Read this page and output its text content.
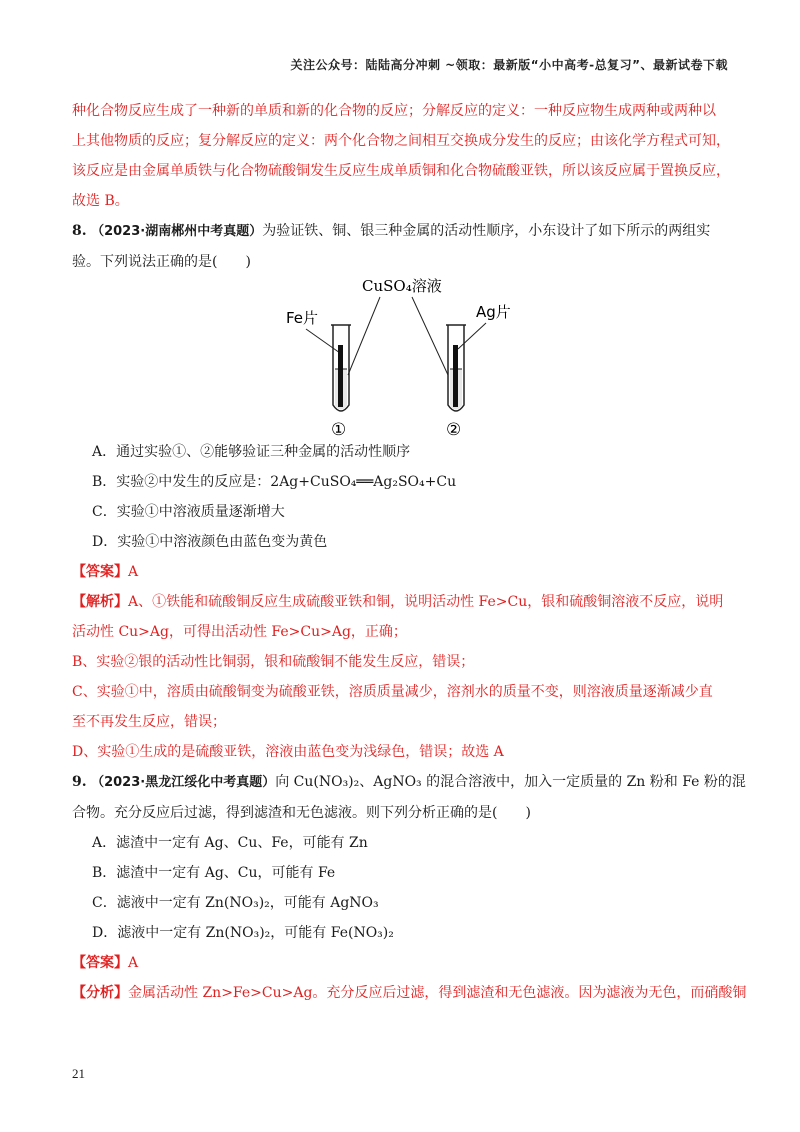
关注公众号：陆陆高分冲刺 ~领取：最新版“小中高考-总复习”、最新试卷下载
种化合物反应生成了一种新的单质和新的化合物的反应；分解反应的定义：一种反应物生成两种或两种以
上其他物质的反应；复分解反应的定义：两个化合物之间相互交换成分发生的反应；由该化学方程式可知，
该反应是由金属单质铁与化合物硫酸铜发生反应生成单质铜和化合物硫酸亚铁，所以该反应属于置换反应，
故选 B。
8. （2023·湖南郴州中考真题）为验证铁、铜、银三种金属的活动性顺序，小东设计了如下所示的两组实
验。下列说法正确的是(　　)
CuSO₄溶液
Fe片	Ag片
①	②
A．通过实验①、②能够验证三种金属的活动性顺序
B．实验②中发生的反应是：2Ag+CuSO₄══Ag₂SO₄+Cu
C．实验①中溶液质量逐渐增大
D．实验①中溶液颜色由蓝色变为黄色
【答案】A
【解析】A、①铁能和硫酸铜反应生成硫酸亚铁和铜，说明活动性 Fe>Cu，银和硫酸铜溶液不反应，说明
活动性 Cu>Ag，可得出活动性 Fe>Cu>Ag，正确；
B、实验②银的活动性比铜弱，银和硫酸铜不能发生反应，错误；
C、实验①中，溶质由硫酸铜变为硫酸亚铁，溶质质量减少，溶剂水的质量不变，则溶液质量逐渐减少直
至不再发生反应，错误；
D、实验①生成的是硫酸亚铁，溶液由蓝色变为浅绿色，错误；故选 A
9. （2023·黑龙江绥化中考真题）向 Cu(NO₃)₂、AgNO₃ 的混合溶液中，加入一定质量的 Zn 粉和 Fe 粉的混
合物。充分反应后过滤，得到滤渣和无色滤液。则下列分析正确的是(　　)
A．滤渣中一定有 Ag、Cu、Fe，可能有 Zn
B．滤渣中一定有 Ag、Cu，可能有 Fe
C．滤液中一定有 Zn(NO₃)₂，可能有 AgNO₃
D．滤液中一定有 Zn(NO₃)₂，可能有 Fe(NO₃)₂
【答案】A
【分析】金属活动性 Zn>Fe>Cu>Ag。充分反应后过滤，得到滤渣和无色滤液。因为滤液为无色，而硝酸铜
21
